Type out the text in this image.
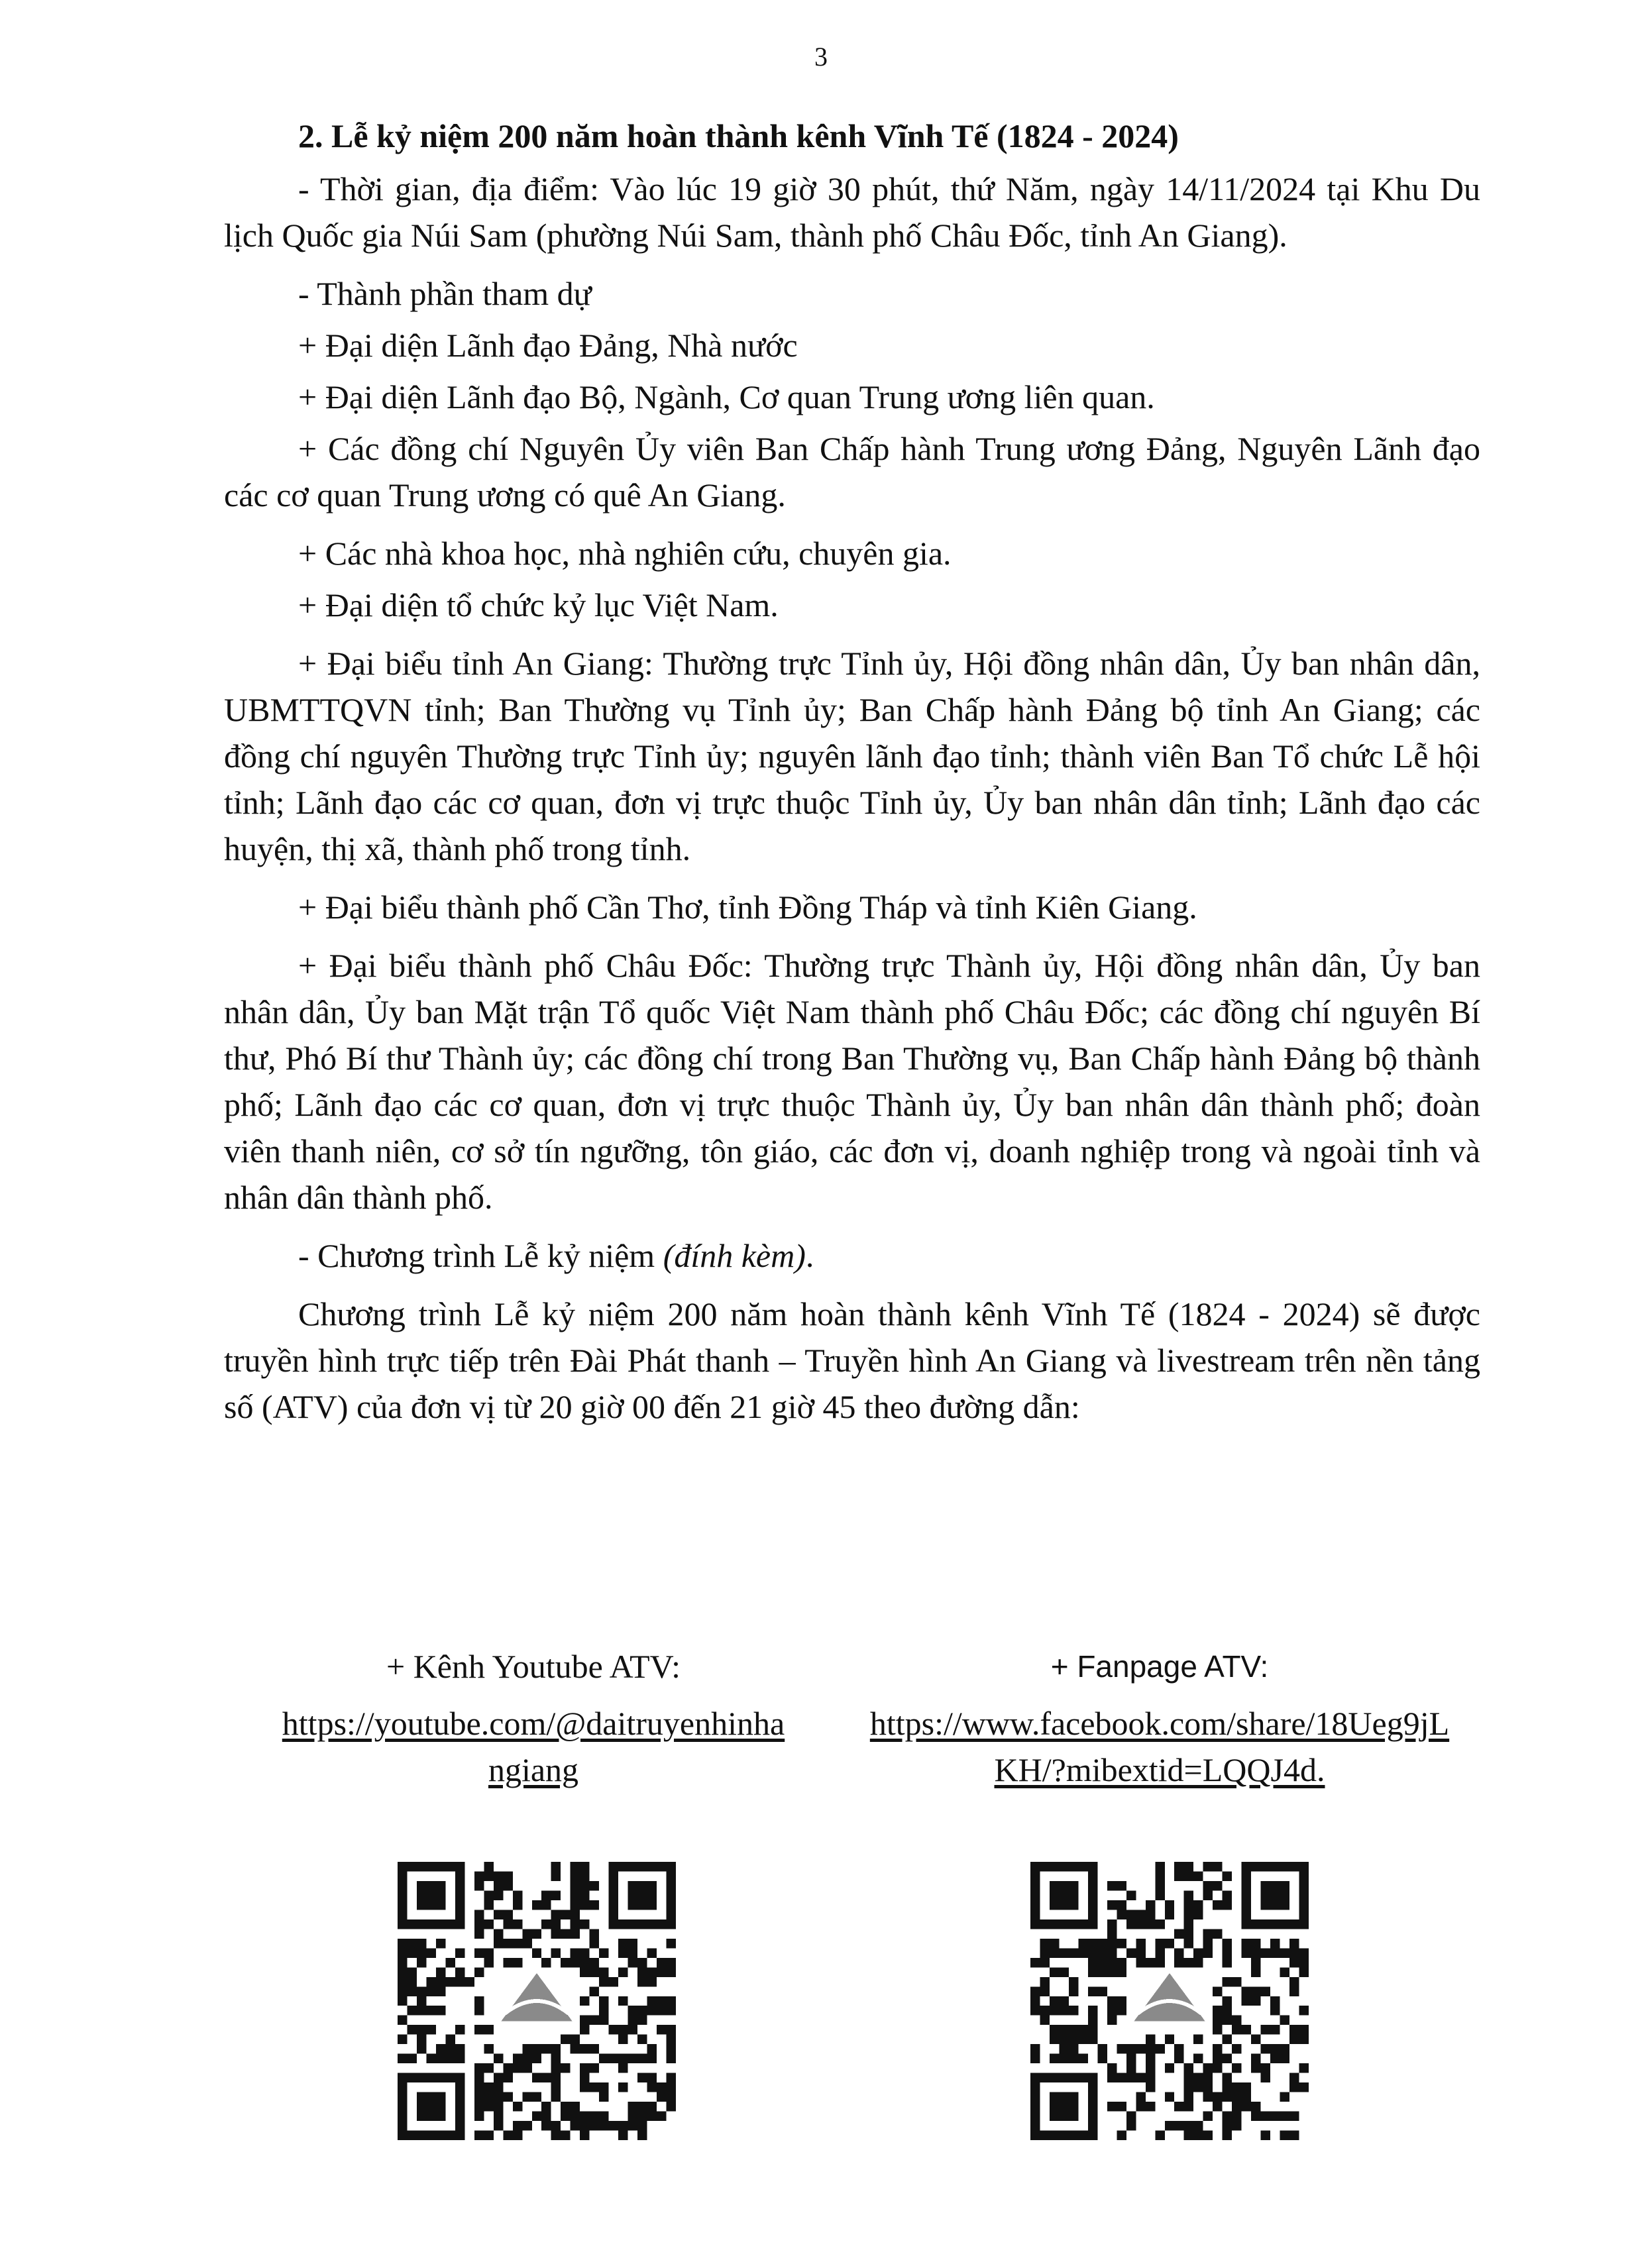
3

2. Lễ kỷ niệm 200 năm hoàn thành kênh Vĩnh Tế (1824 - 2024)

- Thời gian, địa điểm: Vào lúc 19 giờ 30 phút, thứ Năm, ngày 14/11/2024 tại Khu Du lịch Quốc gia Núi Sam (phường Núi Sam, thành phố Châu Đốc, tỉnh An Giang).

- Thành phần tham dự

+ Đại diện Lãnh đạo Đảng, Nhà nước

+ Đại diện Lãnh đạo Bộ, Ngành, Cơ quan Trung ương liên quan.

+ Các đồng chí Nguyên Ủy viên Ban Chấp hành Trung ương Đảng, Nguyên Lãnh đạo các cơ quan Trung ương có quê An Giang.

+ Các nhà khoa học, nhà nghiên cứu, chuyên gia.

+ Đại diện tổ chức kỷ lục Việt Nam.

+ Đại biểu tỉnh An Giang: Thường trực Tỉnh ủy, Hội đồng nhân dân, Ủy ban nhân dân, UBMTTQVN tỉnh; Ban Thường vụ Tỉnh ủy; Ban Chấp hành Đảng bộ tỉnh An Giang; các đồng chí nguyên Thường trực Tỉnh ủy; nguyên lãnh đạo tỉnh; thành viên Ban Tổ chức Lễ hội tỉnh; Lãnh đạo các cơ quan, đơn vị trực thuộc Tỉnh ủy, Ủy ban nhân dân tỉnh; Lãnh đạo các huyện, thị xã, thành phố trong tỉnh.

+ Đại biểu thành phố Cần Thơ, tỉnh Đồng Tháp và tỉnh Kiên Giang.

+ Đại biểu thành phố Châu Đốc: Thường trực Thành ủy, Hội đồng nhân dân, Ủy ban nhân dân, Ủy ban Mặt trận Tổ quốc Việt Nam thành phố Châu Đốc; các đồng chí nguyên Bí thư, Phó Bí thư Thành ủy; các đồng chí trong Ban Thường vụ, Ban Chấp hành Đảng bộ thành phố; Lãnh đạo các cơ quan, đơn vị trực thuộc Thành ủy, Ủy ban nhân dân thành phố; đoàn viên thanh niên, cơ sở tín ngưỡng, tôn giáo, các đơn vị, doanh nghiệp trong và ngoài tỉnh và nhân dân thành phố.

- Chương trình Lễ kỷ niệm (đính kèm).

Chương trình Lễ kỷ niệm 200 năm hoàn thành kênh Vĩnh Tế (1824 - 2024) sẽ được truyền hình trực tiếp trên Đài Phát thanh – Truyền hình An Giang và livestream trên nền tảng số (ATV) của đơn vị từ 20 giờ 00 đến 21 giờ 45 theo đường dẫn:

+ Kênh Youtube ATV:
https://youtube.com/@daitruyenhinhangiang
+ Fanpage ATV:
https://www.facebook.com/share/18Ueg9jLKH/?mibextid=LQQJ4d.
